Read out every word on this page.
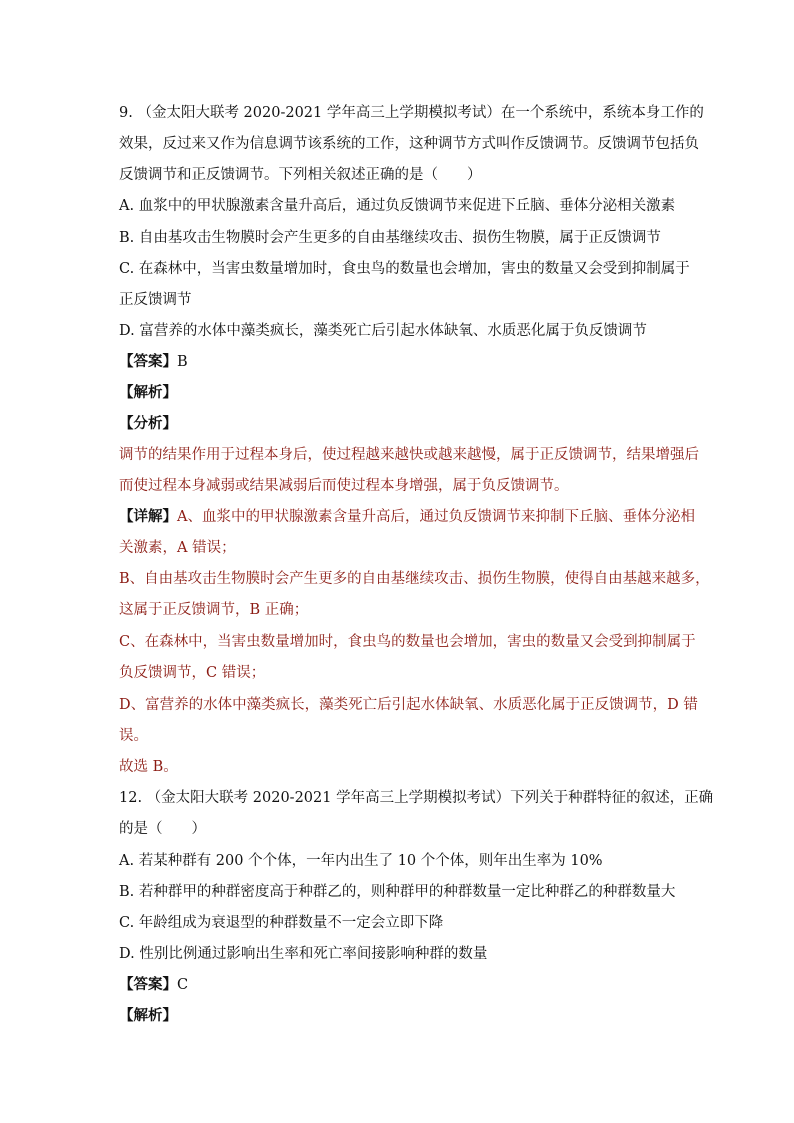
9. （金太阳大联考 2020-2021 学年高三上学期模拟考试）在一个系统中，系统本身工作的
效果，反过来又作为信息调节该系统的工作，这种调节方式叫作反馈调节。反馈调节包括负
反馈调节和正反馈调节。下列相关叙述正确的是（　　）
A. 血浆中的甲状腺激素含量升高后，通过负反馈调节来促进下丘脑、垂体分泌相关激素
B. 自由基攻击生物膜时会产生更多的自由基继续攻击、损伤生物膜，属于正反馈调节
C. 在森林中，当害虫数量增加时，食虫鸟的数量也会增加，害虫的数量又会受到抑制属于
正反馈调节
D. 富营养的水体中藻类疯长，藻类死亡后引起水体缺氧、水质恶化属于负反馈调节
【答案】B
【解析】
【分析】
调节的结果作用于过程本身后，使过程越来越快或越来越慢，属于正反馈调节，结果增强后
而使过程本身减弱或结果减弱后而使过程本身增强，属于负反馈调节。
【详解】A、血浆中的甲状腺激素含量升高后，通过负反馈调节来抑制下丘脑、垂体分泌相
关激素，A 错误；
B、自由基攻击生物膜时会产生更多的自由基继续攻击、损伤生物膜，使得自由基越来越多，
这属于正反馈调节，B 正确；
C、在森林中，当害虫数量增加时，食虫鸟的数量也会增加，害虫的数量又会受到抑制属于
负反馈调节，C 错误；
D、富营养的水体中藻类疯长，藻类死亡后引起水体缺氧、水质恶化属于正反馈调节，D 错
误。
故选 B。
12. （金太阳大联考 2020-2021 学年高三上学期模拟考试）下列关于种群特征的叙述，正确
的是（　　）
A. 若某种群有 200 个个体，一年内出生了 10 个个体，则年出生率为 10%
B. 若种群甲的种群密度高于种群乙的，则种群甲的种群数量一定比种群乙的种群数量大
C. 年龄组成为衰退型的种群数量不一定会立即下降
D. 性别比例通过影响出生率和死亡率间接影响种群的数量
【答案】C
【解析】
